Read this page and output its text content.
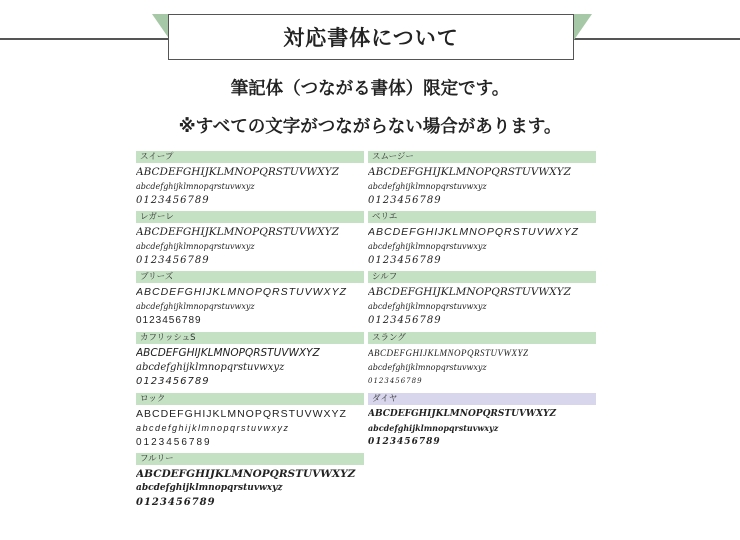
対応書体について
筆記体（つながる書体）限定です。
※すべての文字がつながらない場合があります。
スイープ
ABCDEFGHIJKLMNOPQRSTUVWXYZ
abcdefghijklmnopqrstuvwxyz
0123456789
スムージー
ABCDEFGHIJKLMNOPQRSTUVWXYZ
abcdefghijklmnopqrstuvwxyz
0123456789
レガーレ
ABCDEFGHIJKLMNOPQRSTUVWXYZ
abcdefghijklmnopqrstuvwxyz
0123456789
ベリエ
ABCDEFGHIJKLMNOPQRSTUVWXYZ
abcdefghijklmnopqrstuvwxyz
0123456789
ブリーズ
ABCDEFGHIJKLMNOPQRSTUVWXYZ
abcdefghijklmnopqrstuvwxyz
0123456789
シルフ
ABCDEFGHIJKLMNOPQRSTUVWXYZ
abcdefghijklmnopqrstuvwxyz
0123456789
カフリッシュS
ABCDEFGHIJKLMNOPQRSTUVWXYZ
abcdefghijklmnopqrstuvwxyz
0123456789
スラング
ABCDEFGHIJKLMNOPQRSTUVWXYZ
abcdefghijklmnopqrstuvwxyz
0123456789
ロック
ABCDEFGHIJKLMNOPQRSTUVWXYZ
abcdefghijklmnopqrstuvwxyz
0123456789
ダイヤ
ABCDEFGHIJKLMNOPQRSTUVWXYZ
abcdefghijklmnopqrstuvwxyz
0123456789
フルリー
ABCDEFGHIJKLMNOPQRSTUVWXYZ
abcdefghijklmnopqrstuvwxyz
0123456789
